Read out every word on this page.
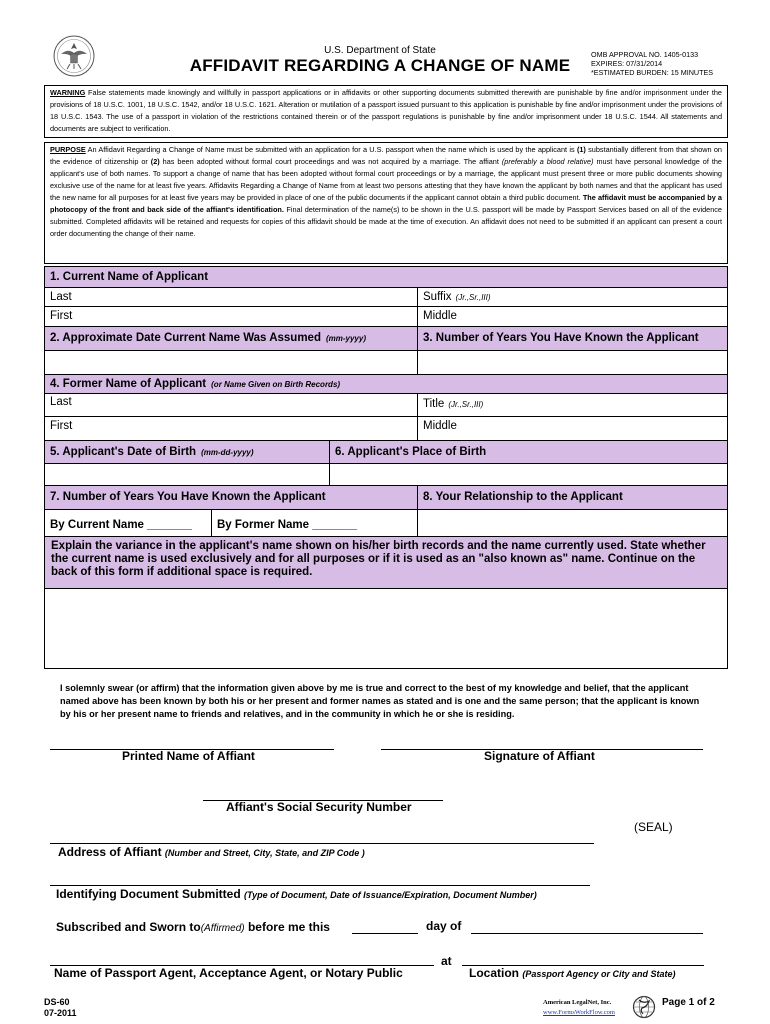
U.S. Department of State
AFFIDAVIT REGARDING A CHANGE OF NAME
OMB APPROVAL NO. 1405-0133
EXPIRES: 07/31/2014
*ESTIMATED BURDEN: 15 MINUTES
WARNING False statements made knowingly and willfully in passport applications or in affidavits or other supporting documents submitted therewith are punishable by fine and/or imprisonment under the provisions of 18 U.S.C. 1001, 18 U.S.C. 1542, and/or 18 U.S.C. 1621. Alteration or mutilation of a passport issued pursuant to this application is punishable by fine and/or imprisonment under the provisions of 18 U.S.C. 1543. The use of a passport in violation of the restrictions contained therein or of the passport regulations is punishable by fine and/or imprisonment under 18 U.S.C. 1544. All statements and documents are subject to verification.
PURPOSE An Affidavit Regarding a Change of Name must be submitted with an application for a U.S. passport when the name which is used by the applicant is (1) substantially different from that shown on the evidence of citizenship or (2) has been adopted without formal court proceedings and was not acquired by a marriage. The affiant (preferably a blood relative) must have personal knowledge of the applicant's use of both names. To support a change of name that has been adopted without formal court proceedings or by a marriage, the applicant must present three or more public documents showing exclusive use of the name for at least five years. Affidavits Regarding a Change of Name from at least two persons attesting that they have known the applicant by both names and that the applicant has used the new name for all purposes for at least five years may be provided in place of one of the public documents if the applicant cannot obtain a third public document. The affidavit must be accompanied by a photocopy of the front and back side of the affiant's identification. Final determination of the name(s) to be shown in the U.S. passport will be made by Passport Services based on all of the evidence submitted. Completed affidavits will be retained and requests for copies of this affidavit should be made at the time of execution. An affidavit does not need to be submitted if an applicant can present a court order documenting the change of their name.
1. Current Name of Applicant
Last	Suffix (Jr.,Sr.,III)
First	Middle
2. Approximate Date Current Name Was Assumed (mm-yyyy)	3. Number of Years You Have Known the Applicant
4. Former Name of Applicant (or Name Given on Birth Records)
Last	Title (Jr.,Sr.,III)
First	Middle
5. Applicant's Date of Birth (mm-dd-yyyy)	6. Applicant's Place of Birth
7. Number of Years You Have Known the Applicant	8. Your Relationship to the Applicant
By Current Name _______	By Former Name _______
Explain the variance in the applicant's name shown on his/her birth records and the name currently used. State whether the current name is used exclusively and for all purposes or if it is used as an "also known as" name. Continue on the back of this form if additional space is required.
I solemnly swear (or affirm) that the information given above by me is true and correct to the best of my knowledge and belief, that the applicant named above has been known by both his or her present and former names as stated and is one and the same person; that the applicant is known by his or her present name to friends and relatives, and in the community in which he or she is residing.
Printed Name of Affiant	Signature of Affiant
Affiant's Social Security Number
(SEAL)
Address of Affiant (Number and Street, City, State, and ZIP Code )
Identifying Document Submitted (Type of Document, Date of Issuance/Expiration, Document Number)
Subscribed and Sworn to(Affirmed) before me this	day of
at
Name of Passport Agent, Acceptance Agent, or Notary Public	Location (Passport Agency or City and State)
DS-60
07-2011
American LegalNet, Inc.
www.FormsWorkFlow.com
Page 1 of 2
